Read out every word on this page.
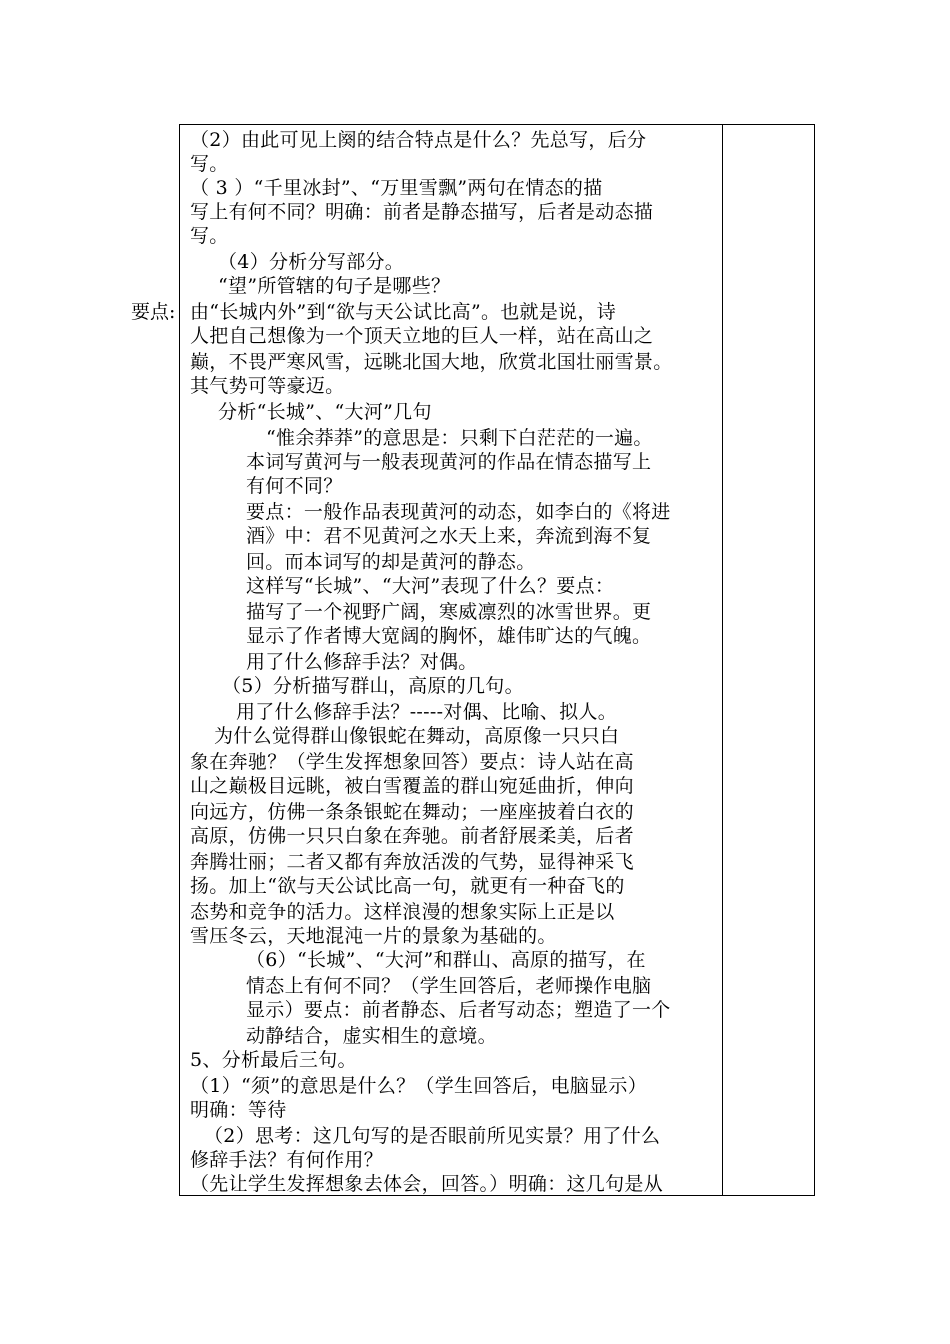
要点:
（2）由此可见上阕的结合特点是什么？先总写，后分
写。
（ 3 ）“千里冰封”、“万里雪飘”两句在情态的描
写上有何不同？明确：前者是静态描写，后者是动态描
写。
（4）分析分写部分。
“望”所管辖的句子是哪些？
由“长城内外”到“欲与天公试比高”。也就是说，诗
人把自己想像为一个顶天立地的巨人一样，站在高山之
巅，不畏严寒风雪，远眺北国大地，欣赏北国壮丽雪景。
其气势可等豪迈。
分析“长城”、“大河”几句
“惟余莽莽”的意思是：只剩下白茫茫的一遍。
本词写黄河与一般表现黄河的作品在情态描写上
有何不同？
要点：一般作品表现黄河的动态，如李白的《将进
酒》中：君不见黄河之水天上来，奔流到海不复
回。而本词写的却是黄河的静态。
这样写“长城”、“大河”表现了什么？要点：
描写了一个视野广阔，寒威凛烈的冰雪世界。更
显示了作者博大宽阔的胸怀，雄伟旷达的气魄。
用了什么修辞手法？对偶。
（5）分析描写群山，高原的几句。
用了什么修辞手法？-----对偶、比喻、拟人。
为什么觉得群山像银蛇在舞动，高原像一只只白
象在奔驰？（学生发挥想象回答）要点：诗人站在高
山之巅极目远眺，被白雪覆盖的群山宛延曲折，伸向
向远方，仿佛一条条银蛇在舞动；一座座披着白衣的
高原，仿佛一只只白象在奔驰。前者舒展柔美，后者
奔腾壮丽；二者又都有奔放活泼的气势，显得神采飞
扬。加上“欲与天公试比高一句，就更有一种奋飞的
态势和竞争的活力。这样浪漫的想象实际上正是以
雪压冬云，天地混沌一片的景象为基础的。
（6）“长城”、“大河”和群山、高原的描写，在
情态上有何不同？（学生回答后，老师操作电脑
显示）要点：前者静态、后者写动态；塑造了一个
动静结合，虚实相生的意境。
5、分析最后三句。
（1）“须”的意思是什么？（学生回答后，电脑显示）
明确：等待
（2）思考：这几句写的是否眼前所见实景？用了什么
修辞手法？有何作用？
（先让学生发挥想象去体会，回答。）明确：这几句是从
